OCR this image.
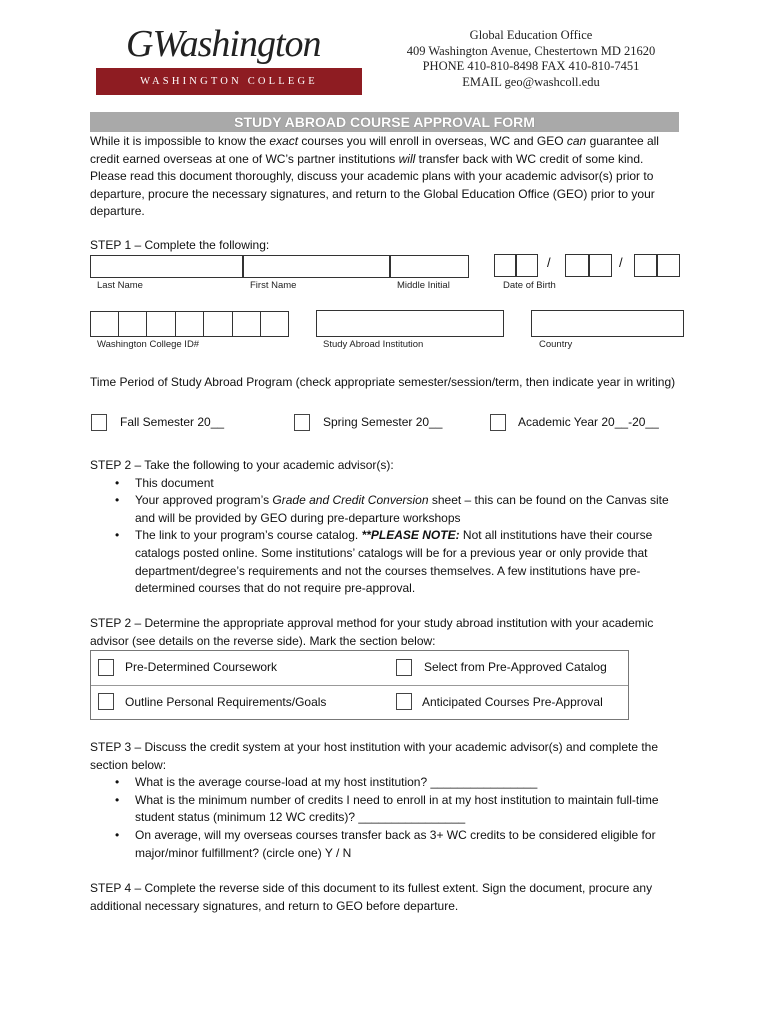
GWashington
WASHINGTON COLLEGE
Global Education Office
409 Washington Avenue, Chestertown MD 21620
PHONE 410-810-8498 FAX 410-810-7451
EMAIL geo@washcoll.edu
STUDY ABROAD COURSE APPROVAL FORM
While it is impossible to know the exact courses you will enroll in overseas, WC and GEO can guarantee all credit earned overseas at one of WC’s partner institutions will transfer back with WC credit of some kind. Please read this document thoroughly, discuss your academic plans with your academic advisor(s) prior to departure, procure the necessary signatures, and return to the Global Education Office (GEO) prior to your departure.
STEP 1 – Complete the following:
/	/
Last Name	First Name	Middle Initial	Date of Birth
Washington College ID#	Study Abroad Institution	Country
Time Period of Study Abroad Program (check appropriate semester/session/term, then indicate year in writing)
Fall Semester 20__	Spring Semester 20__	Academic Year 20__-20__
STEP 2 – Take the following to your academic advisor(s):
• This document
• Your approved program’s Grade and Credit Conversion sheet – this can be found on the Canvas site and will be provided by GEO during pre-departure workshops
• The link to your program’s course catalog. **PLEASE NOTE: Not all institutions have their course catalogs posted online. Some institutions’ catalogs will be for a previous year or only provide that department/degree’s requirements and not the courses themselves. A few institutions have pre-determined courses that do not require pre-approval.
STEP 2 – Determine the appropriate approval method for your study abroad institution with your academic advisor (see details on the reverse side). Mark the section below:
Pre-Determined Coursework	Select from Pre-Approved Catalog
Outline Personal Requirements/Goals	Anticipated Courses Pre-Approval
STEP 3 – Discuss the credit system at your host institution with your academic advisor(s) and complete the section below:
• What is the average course-load at my host institution? ________________
• What is the minimum number of credits I need to enroll in at my host institution to maintain full-time student status (minimum 12 WC credits)? ________________
• On average, will my overseas courses transfer back as 3+ WC credits to be considered eligible for major/minor fulfillment? (circle one) Y / N
STEP 4 – Complete the reverse side of this document to its fullest extent. Sign the document, procure any additional necessary signatures, and return to GEO before departure.
